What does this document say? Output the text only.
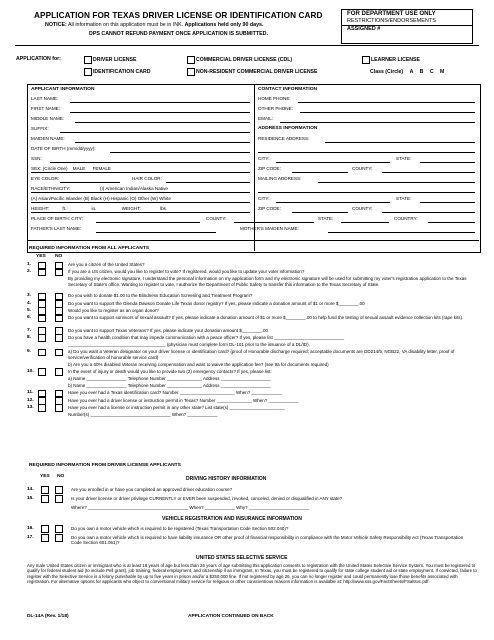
APPLICATION FOR TEXAS DRIVER LICENSE OR IDENTIFICATION CARD
NOTICE: All information on this application must be in INK. Applications held only 90 days.
DPS CANNOT REFUND PAYMENT ONCE APPLICATION IS SUBMITTED.
FOR DEPARTMENT USE ONLY
RESTRICTIONS/ENDORSEMENTS
ASSIGNED #
APPLICATION for:	DRIVER LICENSE	COMMERCIAL DRIVER LICENSE (CDL)	LEARNER LICENSE
IDENTIFICATION CARD	NON-RESIDENT COMMERCIAL DRIVER LICENSE	Class (Circle) A B C M
APPLICANT INFORMATION	CONTACT INFORMATION
LAST NAME:
FIRST NAME:
MIDDLE NAME:
SUFFIX:
MAIDEN NAME:
DATE OF BIRTH (mm/dd/yyyy):
SSN:
SEX: (Circle One) MALE FEMALE
EYE COLOR:	HAIR COLOR:
RACE/ETHNICITY:	(I) American Indian/Alaska Native
(A) Asian/Pacific Islander (B) Black (H) Hispanic (O) Other (W) White
HEIGHT:	ft.	in.	WEIGHT:	lbs.
PLACE OF BIRTH: CITY:	COUNTY:	STATE:	COUNTRY:
FATHER'S LAST NAME:	MOTHER'S MAIDEN NAME:
HOME PHONE:
OTHER PHONE:
EMAIL:
ADDRESS INFORMATION
RESIDENCE ADDRESS:
CITY:	STATE:
ZIP CODE:	COUNTY:
MAILING ADDRESS:
CITY:	STATE:
ZIP CODE:	COUNTY:
REQUIRED INFORMATION FROM ALL APPLICANTS
YES NO
1.	Are you a citizen of the United States?
2.	If you are a US citizen, would you like to register to vote? If registered, would you like to update your voter information?
By providing my electronic signature, I understand the personal information on my application form and my electronic signature will be used for submitting my voter's registration application to the Texas Secretary of State's office. Wanting to register to vote, I authorize the Department of Public Safety to transfer this information to the Texas Secretary of State.
3.	Do you wish to donate $1.00 to the Blindness Education Screening and Treatment Program?
4.	Do you want to support the Glenda Dawson Donate Life Texas donor registry? If yes, please indicate a donation amount of $1 or more $________.00
5.	Would you like to register as an organ donor?
6.	Do you want to support survivors of sexual assault? If yes, please indicate a donation amount of $1 or more $________.00 to help fund the testing of sexual assault evidence collection kits (rape kits).
7.	Do you want to support Texas Veterans? If yes, please indicate your donation amount $________.00
8.	Do you have a health condition that may impede communication with a peace officer? If yes, please list ____________________________
_______________________________________ (physician must complete form DL-101 prior to the issuance of a DL/ID).
9.	a) Do you want a Veteran designator on your driver license or identification card? (proof of Honorable discharge required; acceptable documents are DD214/5, NGB22, VA disability letter, proof of service/verification of honorable service card)
b) Are you a 60% disabled Veteran receiving compensation and want to waive the application fee? (see 9a for documents required)
10.	In the event of injury or death would you like to provide two (2) emergency contacts? If yes, please list:
a) Name ________________ Telephone Number ______________ Address ____________________
b) Name ________________ Telephone Number ______________ Address ____________________
11.	Have you ever had a Texas identification card? Number ______________________ When? ____________
12.	Have you ever had a driver license or instruction permit in Texas? Number ______________ When? ____________
13.	Have you ever had a license or instruction permit in any other state? List state(s) ______________________
Number(s) ________________________________ When? ____________
REQUIRED INFORMATION FROM DRIVER LICENSE APPLICANTS
YES NO	DRIVING HISTORY INFORMATION
14.	Are you enrolled in or have you completed an approved driver education course?
15.	Is your driver license or driver privilege CURRENTLY or EVER been suspended, revoked, canceled, denied or disqualified in ANY state?
Where? ________________________________________ When? ____________ Why? ________________________
VEHICLE REGISTRATION AND INSURANCE INFORMATION
16.	Do you own a motor vehicle which is required to be registered (Texas Transportation Code Section 502.040)?
17.	Do you own a motor vehicle which is required to have liability insurance OR other proof of financial responsibility in compliance with the Motor Vehicle Safety Responsibility Act (Texas Transportation Code Section 601.051)?
UNITED STATES SELECTIVE SERVICE
Any male United States citizen or immigrant who is at least 18 years of age but less than 26 years of age submitting this application consents to registration with the United States Selective Service System. You must be registered to qualify for federal student aid (to include Pell grant), job training, federal employment, and citizenship if an immigrant. In Texas, you must be registered to qualify for state college student aid or state employment. If convicted, failure to register with the Selective Service is a felony punishable by up to five years in prison and/or a $250,000 fine. If not registered by age 26, you can no longer register and could permanently lose those benefits associated with registration. For alternative options for applicants who object to conventional military service for religious or other conscientious reasons information is available at: http://www.sss.gov/FactSheets/FSaltsvc.pdf.
DL-14A (Rev. 1/18)	APPLICATION CONTINUED ON BACK
